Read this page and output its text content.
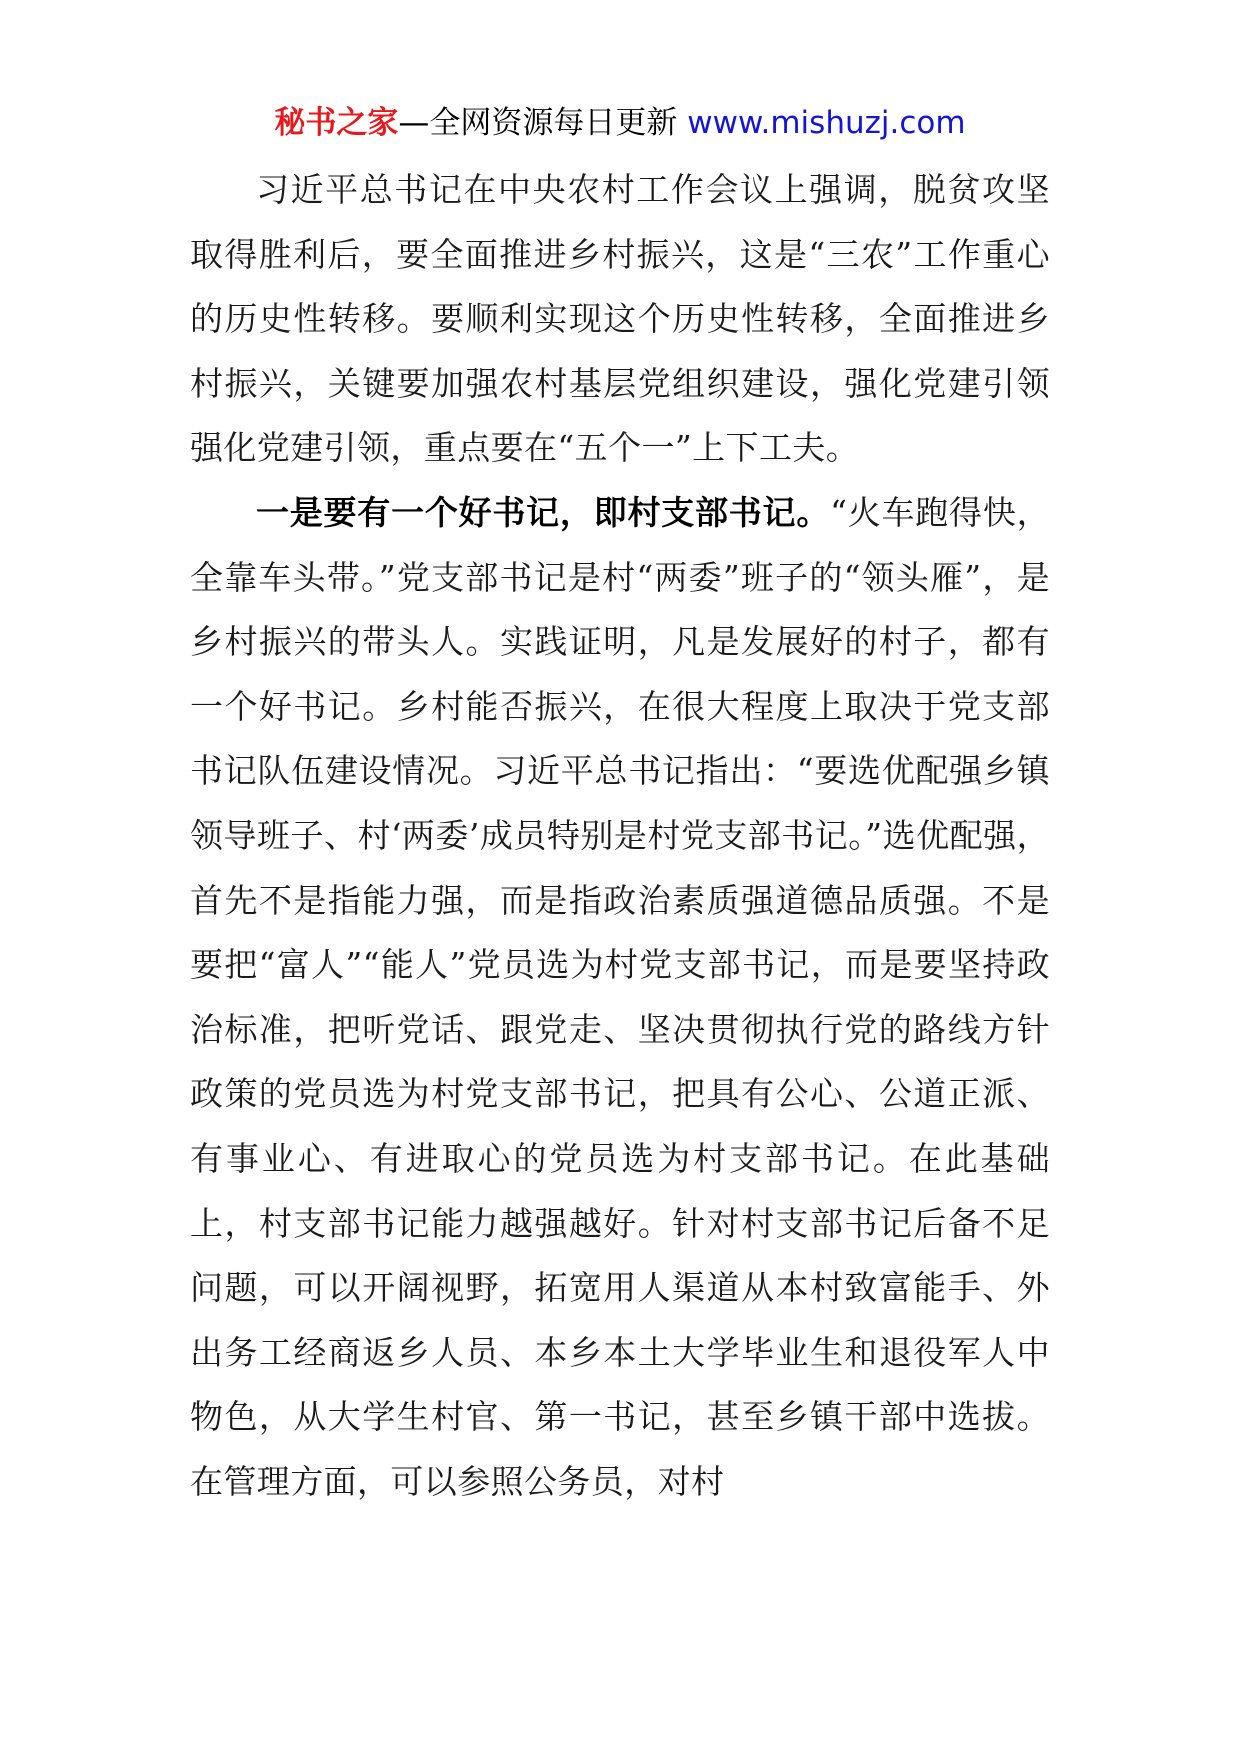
秘书之家—全网资源每日更新 www.mishuzj.com

习近平总书记在中央农村工作会议上强调，脱贫攻坚取得胜利后，要全面推进乡村振兴，这是“三农”工作重心的历史性转移。要顺利实现这个历史性转移，全面推进乡村振兴，关键要加强农村基层党组织建设，强化党建引领强化党建引领，重点要在“五个一”上下工夫。

一是要有一个好书记，即村支部书记。“火车跑得快，全靠车头带。”党支部书记是村“两委”班子的“领头雁”，是乡村振兴的带头人。实践证明，凡是发展好的村子，都有一个好书记。乡村能否振兴，在很大程度上取决于党支部书记队伍建设情况。习近平总书记指出：“要选优配强乡镇领导班子、村‘两委’成员特别是村党支部书记。”选优配强，首先不是指能力强，而是指政治素质强道德品质强。不是要把“富人”“能人”党员选为村党支部书记，而是要坚持政治标准，把听党话、跟党走、坚决贯彻执行党的路线方针政策的党员选为村党支部书记，把具有公心、公道正派、有事业心、有进取心的党员选为村支部书记。在此基础上，村支部书记能力越强越好。针对村支部书记后备不足问题，可以开阔视野，拓宽用人渠道从本村致富能手、外出务工经商返乡人员、本乡本土大学毕业生和退役军人中物色，从大学生村官、第一书记，甚至乡镇干部中选拔。在管理方面，可以参照公务员，对村
